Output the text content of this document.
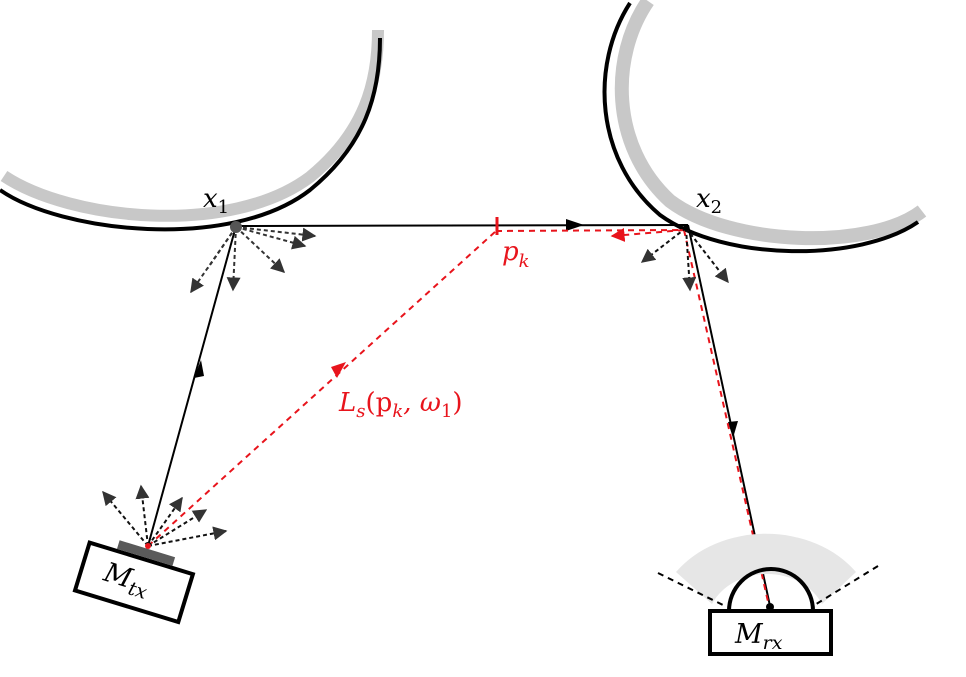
$x_1$	$x_2$
$p_k$
$L_s(p_k$, $\omega_1$)
$M_{tx}$
$M_{rx}$
